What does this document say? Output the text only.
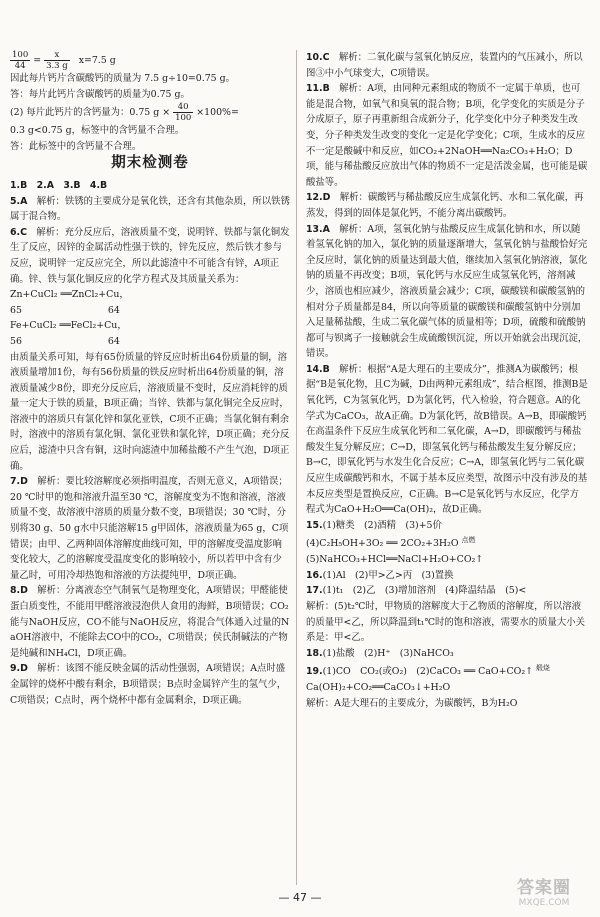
$\frac{100}{44} = \frac{x}{3.3 g} x=7.5$ g

因此每片钙片含碳酸钙的质量为 7.5 g÷10=0.75 g。

答：每片此钙片含碳酸钙的质量为0.75 g。

(2) 每片此钙片的含钙量为：0.75 $g \times \frac{40}{100} \times 100\%=$

0.3 g<0.75 g，标签中的含钙量不合理。

答：此标签中的含钙量不合理。

期末检测卷

1.B　2.A　3.B　4.B

5.A　 解析：铁锈的主要成分是氧化铁，还含有其他杂质，所以铁锈属于混合物。

6.C　 解析：充分反应后，溶液质量不变，说明锌、铁都与氯化铜发生了反应，因锌的金属活动性强于铁的，锌先反应，然后铁才参与反应，说明锌一定反应完全，所以此滤渣中不可能含有锌，A项正确。锌、铁与氯化铜反应的化学方程式及其质量关系为：

Zn+CuCl₂ ══ZnCl₂+Cu，

65	64

Fe+CuCl₂ ══FeCl₂+Cu，

56	64

由质量关系可知，每有65份质量的锌反应时析出64份质量的铜，溶液质量增加1份，每有56份质量的铁反应时析出64份质量的铜，溶液质量减少8份，即充分反应后，溶液质量不变时，反应消耗锌的质量一定大于铁的质量，B项正确；当锌、铁都与氯化铜完全反应时，溶液中的溶质只有氯化锌和氯化亚铁，C项不正确；当氯化铜有剩余时，溶液中的溶质有氯化铜、氯化亚铁和氯化锌，D项正确；充分反应后，滤渣中只含有铜，这时向滤渣中加稀盐酸不产生气泡，D项正确。

7.D　 解析：要比较溶解度必须指明温度，否则无意义，A项错误；20 ℃时甲的饱和溶液升温至30 ℃，溶解度变为不饱和溶液，溶液质量不变，故溶液中溶质的质量分数不变，B项错误；30 ℃时，分别将30 g、50 g水中只能溶解15 g甲固体，溶液质量为65 g，C项错误；由甲、乙两种固体溶解度曲线可知，甲的溶解度受温度影响变化较大，乙的溶解度受温度变化的影响较小，所以若甲中含有少量乙时，可用冷却热饱和溶液的方法提纯甲，D项正确。

8.D　 解析：分离液态空气制氧气是物理变化，A项错误；甲醛能使蛋白质变性，不能用甲醛溶液浸泡供人食用的海鲜，B项错误；CO₂能与NaOH反应，CO不能与NaOH反应，将混合气体通入过量的NaOH溶液中，不能除去CO中的CO₂，C项错误；侯氏制碱法的产物是纯碱和NH₄Cl，D项正确。

9.D　 解析：该图不能反映金属的活动性强弱，A项错误；A点时盛金属锌的烧杯中酸有剩余，B项错误；B点时金属锌产生的氢气少，C项错误；C点时，两个烧杯中都有金属剩余，D项正确。

10.C　 解析：二氧化碳与氢氧化钠反应，装置内的气压减小，所以图③中小气球变大，C项错误。

11.B　 解析：A项，由同种元素组成的物质不一定属于单质，也可能是混合物，如氧气和臭氧的混合物；B项，化学变化的实质是分子分成原子，原子再重新组合成新分子，化学变化中分子种类发生改变，分子种类发生改变的变化一定是化学变化；C项，生成水的反应不一定是酸碱中和反应，如CO₂+2NaOH══Na₂CO₃+H₂O；D项，能与稀盐酸反应放出气体的物质不一定是活泼金属，也可能是碳酸盐等。

12.D　 解析：碳酸钙与稀盐酸反应生成氯化钙、水和二氧化碳，再蒸发，得到的固体是氯化钙，不能分离出碳酸钙。

13.A　 解析：A项，氢氧化钠与盐酸反应生成氯化钠和水，所以随着氢氧化钠的加入，氯化钠的质量逐渐增大，氢氧化钠与盐酸恰好完全反应时，氯化钠的质量达到最大值，继续加入氢氧化钠溶液，氯化钠的质量不再改变；B项，氧化钙与水反应生成氢氧化钙，溶剂减少，溶质也相应减少，溶液质量会减少；C项，碳酸镁和碳酸氢钠的相对分子质量都是84，所以向等质量的碳酸镁和碳酸氢钠中分别加入足量稀盐酸，生成二氧化碳气体的质量相等；D项，硫酸和硫酸钠都可与钡离子一接触就会生成硫酸钡沉淀，所以开始就会出现沉淀，错误。

14.B　 解析：根据“A是大理石的主要成分”，推测A为碳酸钙；根据“B是氧化物，且C为碱，D由两种元素组成”，结合框图，推测B是氧化钙，C为氢氧化钙，D为氯化钙，代入检验，符合题意。A的化学式为CaCO₃，故A正确。D为氯化钙，故B错误。A→B，即碳酸钙在高温条件下反应生成氧化钙和二氧化碳，A→D，即碳酸钙与稀盐酸发生复分解反应；C→D，即氢氧化钙与稀盐酸发生复分解反应；B→C，即氧化钙与水发生化合反应；C→A，即氢氧化钙与二氧化碳反应生成碳酸钙和水，不属于基本反应类型，故图示中没有涉及的基本反应类型是置换反应，C正确。B→C是氧化钙与水反应，化学方程式为CaO+H₂O══Ca(OH)₂，故D正确。

15.(1)糖类　(2)酒精　(3)+5价

(4)C₂H₅OH+3O₂ ══ 2CO₂+3H₂O $^{点燃}$

(5)NaHCO₃+HCl══NaCl+H₂O+CO₂↑

16.(1)Al　(2)甲>乙>丙　(3)置换

17.(1)t₁　(2)乙　(3)增加溶剂　(4)降温结晶　(5)<

解析：(5)t₂℃时，甲物质的溶解度大于乙物质的溶解度，所以溶液的质量甲<乙，所以降温到t₁℃时的饱和溶液，需要水的质量大小关系是：甲<乙。

18.(1)盐酸　(2)H⁺　(3)NaHCO₃

19.(1)CO　CO₂(或O₂)　(2)CaCO₃ ══ CaO+CO₂↑ $^{煅烧}$

Ca(OH)₂+CO₂══CaCO₃↓+H₂O

解析：A是大理石的主要成分，为碳酸钙，B为H₂O

— 47 —	答案圈
MXQE.COM
